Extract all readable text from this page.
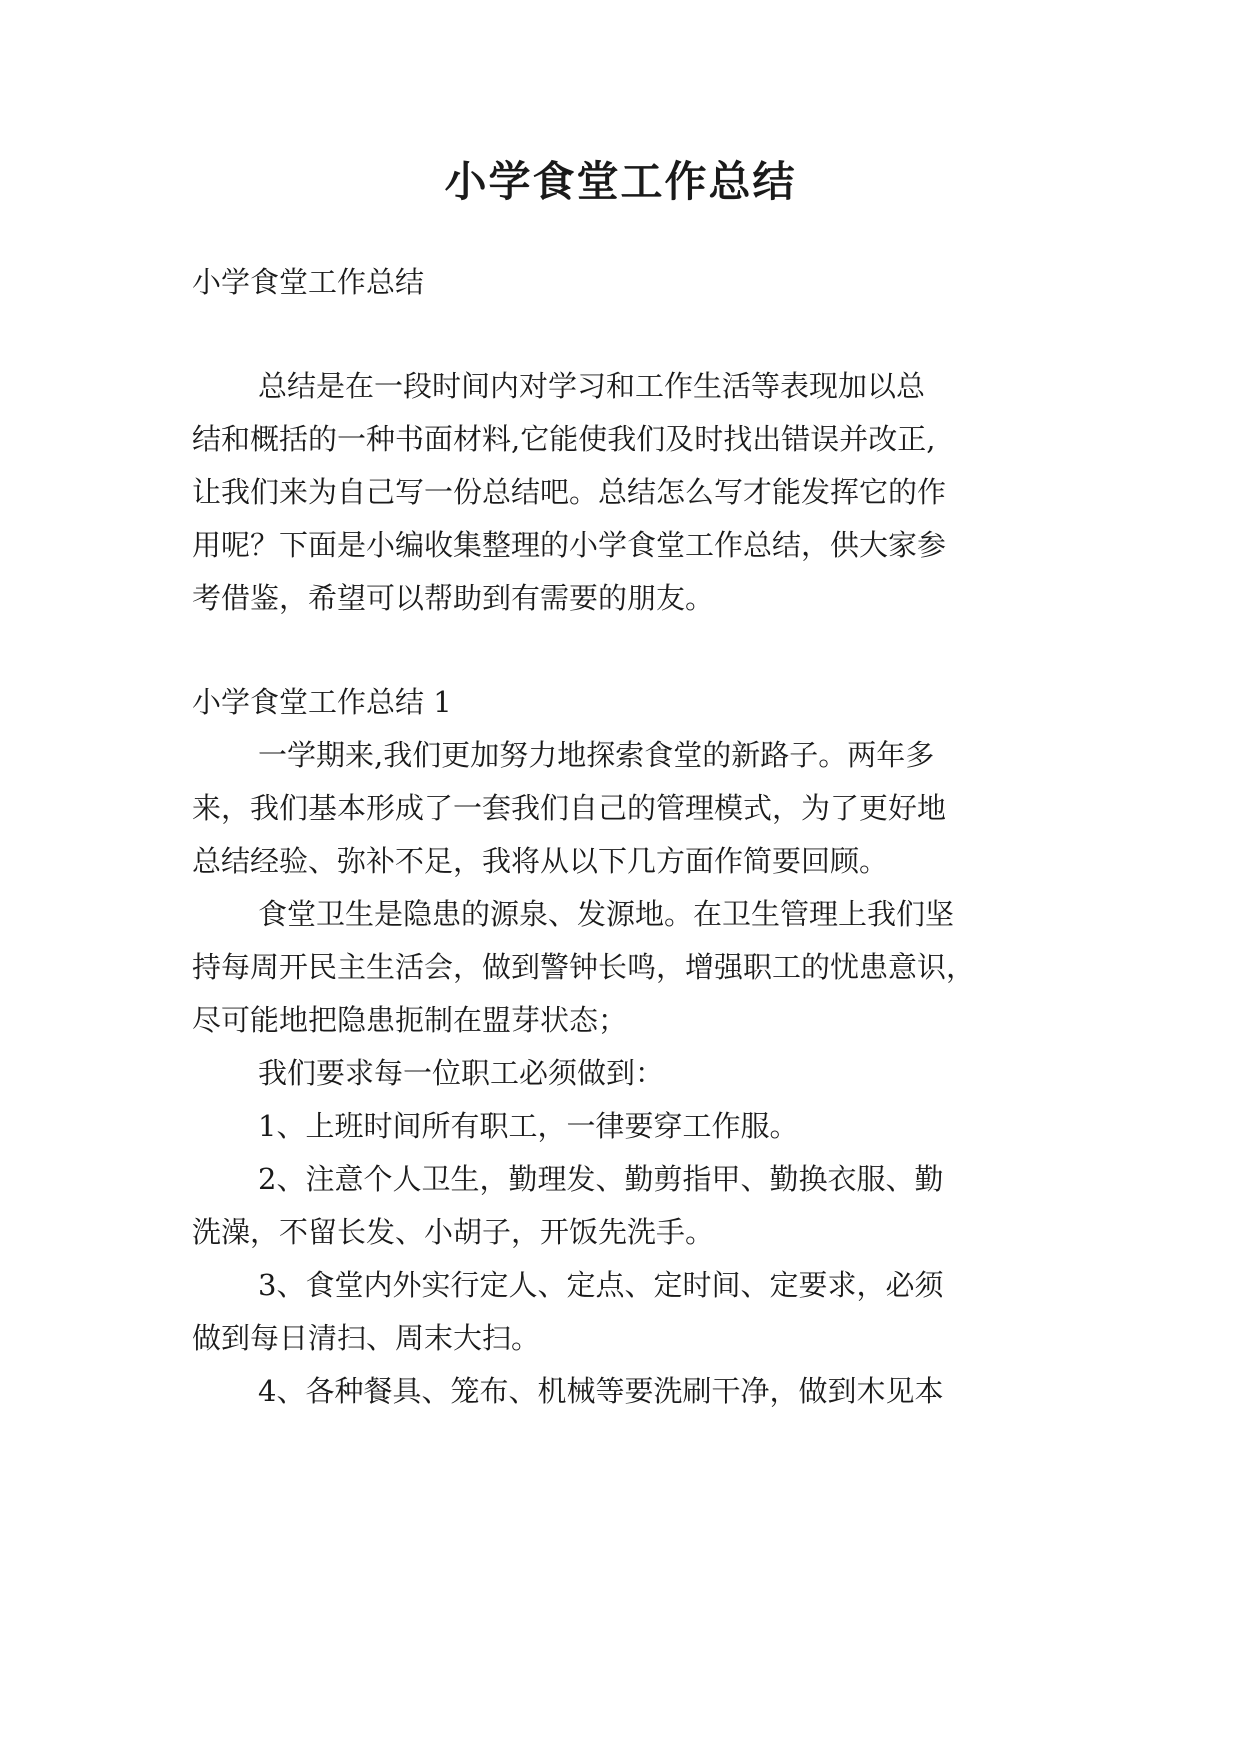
小学食堂工作总结
小学食堂工作总结
总结是在一段时间内对学习和工作生活等表现加以总
结和概括的一种书面材料,它能使我们及时找出错误并改正,
让我们来为自己写一份总结吧。总结怎么写才能发挥它的作
用呢？下面是小编收集整理的小学食堂工作总结，供大家参
考借鉴，希望可以帮助到有需要的朋友。
小学食堂工作总结 1
一学期来,我们更加努力地探索食堂的新路子。两年多
来，我们基本形成了一套我们自己的管理模式，为了更好地
总结经验、弥补不足，我将从以下几方面作简要回顾。
食堂卫生是隐患的源泉、发源地。在卫生管理上我们坚
持每周开民主生活会，做到警钟长鸣，增强职工的忧患意识，
尽可能地把隐患扼制在盟芽状态；
我们要求每一位职工必须做到：
1、上班时间所有职工，一律要穿工作服。
2、注意个人卫生，勤理发、勤剪指甲、勤换衣服、勤
洗澡，不留长发、小胡子，开饭先洗手。
3、食堂内外实行定人、定点、定时间、定要求，必须
做到每日清扫、周末大扫。
4、各种餐具、笼布、机械等要洗刷干净，做到木见本
